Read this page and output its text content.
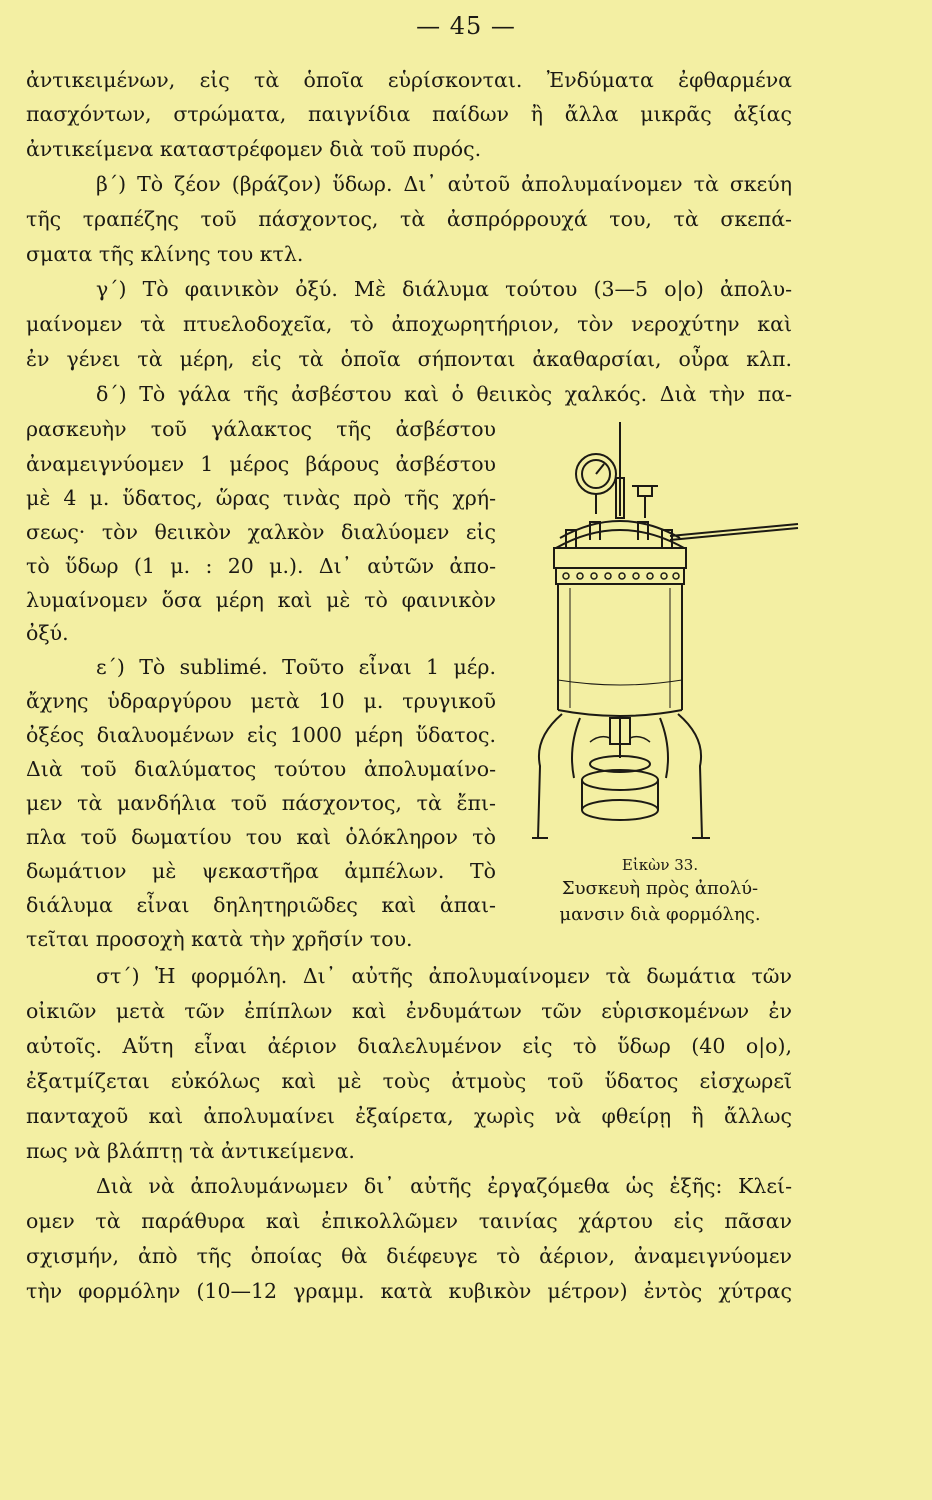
— 45 —
ἀντικειμένων, εἰς τὰ ὁποῖα εὑρίσκονται. Ἐνδύματα ἐφθαρμένα
πασχόντων, στρώματα, παιγνίδια παίδων ἢ ἄλλα μικρᾶς ἀξίας
ἀντικείμενα καταστρέφομεν διὰ τοῦ πυρός.
β΄) Τὸ ζέον (βράζον) ὕδωρ. Δι᾽ αὐτοῦ ἀπολυμαίνομεν τὰ σκεύη
τῆς τραπέζης τοῦ πάσχοντος, τὰ ἀσπρόρρουχά του, τὰ σκεπά-
σματα τῆς κλίνης του κτλ.
γ΄) Τὸ φαινικὸν ὀξύ. Μὲ διάλυμα τούτου (3—5 ο|ο) ἀπολυ-
μαίνομεν τὰ πτυελοδοχεῖα, τὸ ἀποχωρητήριον, τὸν νεροχύτην καὶ
ἐν γένει τὰ μέρη, εἰς τὰ ὁποῖα σήπονται ἀκαθαρσίαι, οὖρα κλπ.
δ΄) Τὸ γάλα τῆς ἀσβέστου καὶ ὁ θειικὸς χαλκός. Διὰ τὴν πα-
ρασκευὴν τοῦ γάλακτος τῆς ἀσβέστου
ἀναμειγνύομεν 1 μέρος βάρους ἀσβέστου
μὲ 4 μ. ὕδατος, ὥρας τινὰς πρὸ τῆς χρή-
σεως· τὸν θειικὸν χαλκὸν διαλύομεν εἰς
τὸ ὕδωρ (1 μ. : 20 μ.). Δι᾽ αὐτῶν ἀπο-
λυμαίνομεν ὅσα μέρη καὶ μὲ τὸ φαινικὸν
ὀξύ.
ε΄) Τὸ sublimé. Τοῦτο εἶναι 1 μέρ.
ἄχνης ὑδραργύρου μετὰ 10 μ. τρυγικοῦ
ὀξέος διαλυομένων εἰς 1000 μέρη ὕδατος.
Διὰ τοῦ διαλύματος τούτου ἀπολυμαίνο-
μεν τὰ μανδήλια τοῦ πάσχοντος, τὰ ἔπι-
πλα τοῦ δωματίου του καὶ ὁλόκληρον τὸ
δωμάτιον μὲ ψεκαστῆρα ἀμπέλων. Τὸ
διάλυμα εἶναι δηλητηριῶδες καὶ ἀπαι-
τεῖται προσοχὴ κατὰ τὴν χρῆσίν του.
Εἰκὼν 33.
Συσκευὴ πρὸς ἀπολύ-
μανσιν διὰ φορμόλης.
στ΄) Ἡ φορμόλη. Δι᾽ αὐτῆς ἀπολυμαίνομεν τὰ δωμάτια τῶν
οἰκιῶν μετὰ τῶν ἐπίπλων καὶ ἐνδυμάτων τῶν εὑρισκομένων ἐν
αὐτοῖς. Αὕτη εἶναι ἀέριον διαλελυμένον εἰς τὸ ὕδωρ (40 ο|ο),
ἐξατμίζεται εὐκόλως καὶ μὲ τοὺς ἀτμοὺς τοῦ ὕδατος εἰσχωρεῖ
πανταχοῦ καὶ ἀπολυμαίνει ἐξαίρετα, χωρὶς νὰ φθείρῃ ἢ ἄλλως
πως νὰ βλάπτῃ τὰ ἀντικείμενα.
Διὰ νὰ ἀπολυμάνωμεν δι᾽ αὐτῆς ἐργαζόμεθα ὡς ἑξῆς: Κλεί-
ομεν τὰ παράθυρα καὶ ἐπικολλῶμεν ταινίας χάρτου εἰς πᾶσαν
σχισμήν, ἀπὸ τῆς ὁποίας θὰ διέφευγε τὸ ἀέριον, ἀναμειγνύομεν
τὴν φορμόλην (10—12 γραμμ. κατὰ κυβικὸν μέτρον) ἐντὸς χύτρας
